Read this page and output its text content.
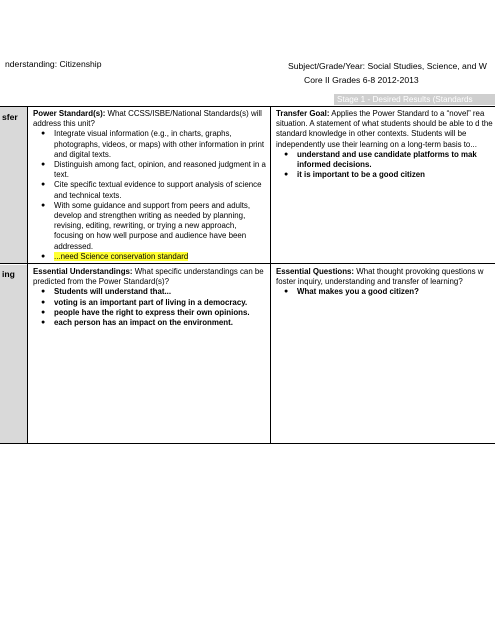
nderstanding: Citizenship	Subject/Grade/Year: Social Studies, Science, and W
Core II Grades 6-8 2012-2013
Stage 1 - Desired Results (Standards
sfer
ing
Power Standard(s): What CCSS/ISBE/National Standards(s) will address this unit?
● Integrate visual information (e.g., in charts, graphs, photographs, videos, or maps) with other information in print and digital texts.
● Distinguish among fact, opinion, and reasoned judgment in a text.
● Cite specific textual evidence to support analysis of science and technical texts.
● With some guidance and support from peers and adults, develop and strengthen writing as needed by planning, revising, editing, rewriting, or trying a new approach, focusing on how well purpose and audience have been addressed.
● ...need Science conservation standard
Transfer Goal: Applies the Power Standard to a “novel” rea situation. A statement of what students should be able to d the standard knowledge in other contexts. Students will be independently use their learning on a long-term basis to...
● understand and use candidate platforms to mak informed decisions.
● it is important to be a good citizen
Essential Understandings: What specific understandings can be predicted from the Power Standard(s)?
● Students will understand that...
● voting is an important part of living in a democracy.
● people have the right to express their own opinions.
● each person has an impact on the environment.
Essential Questions: What thought provoking questions w foster inquiry, understanding and transfer of learning?
● What makes you a good citizen?
